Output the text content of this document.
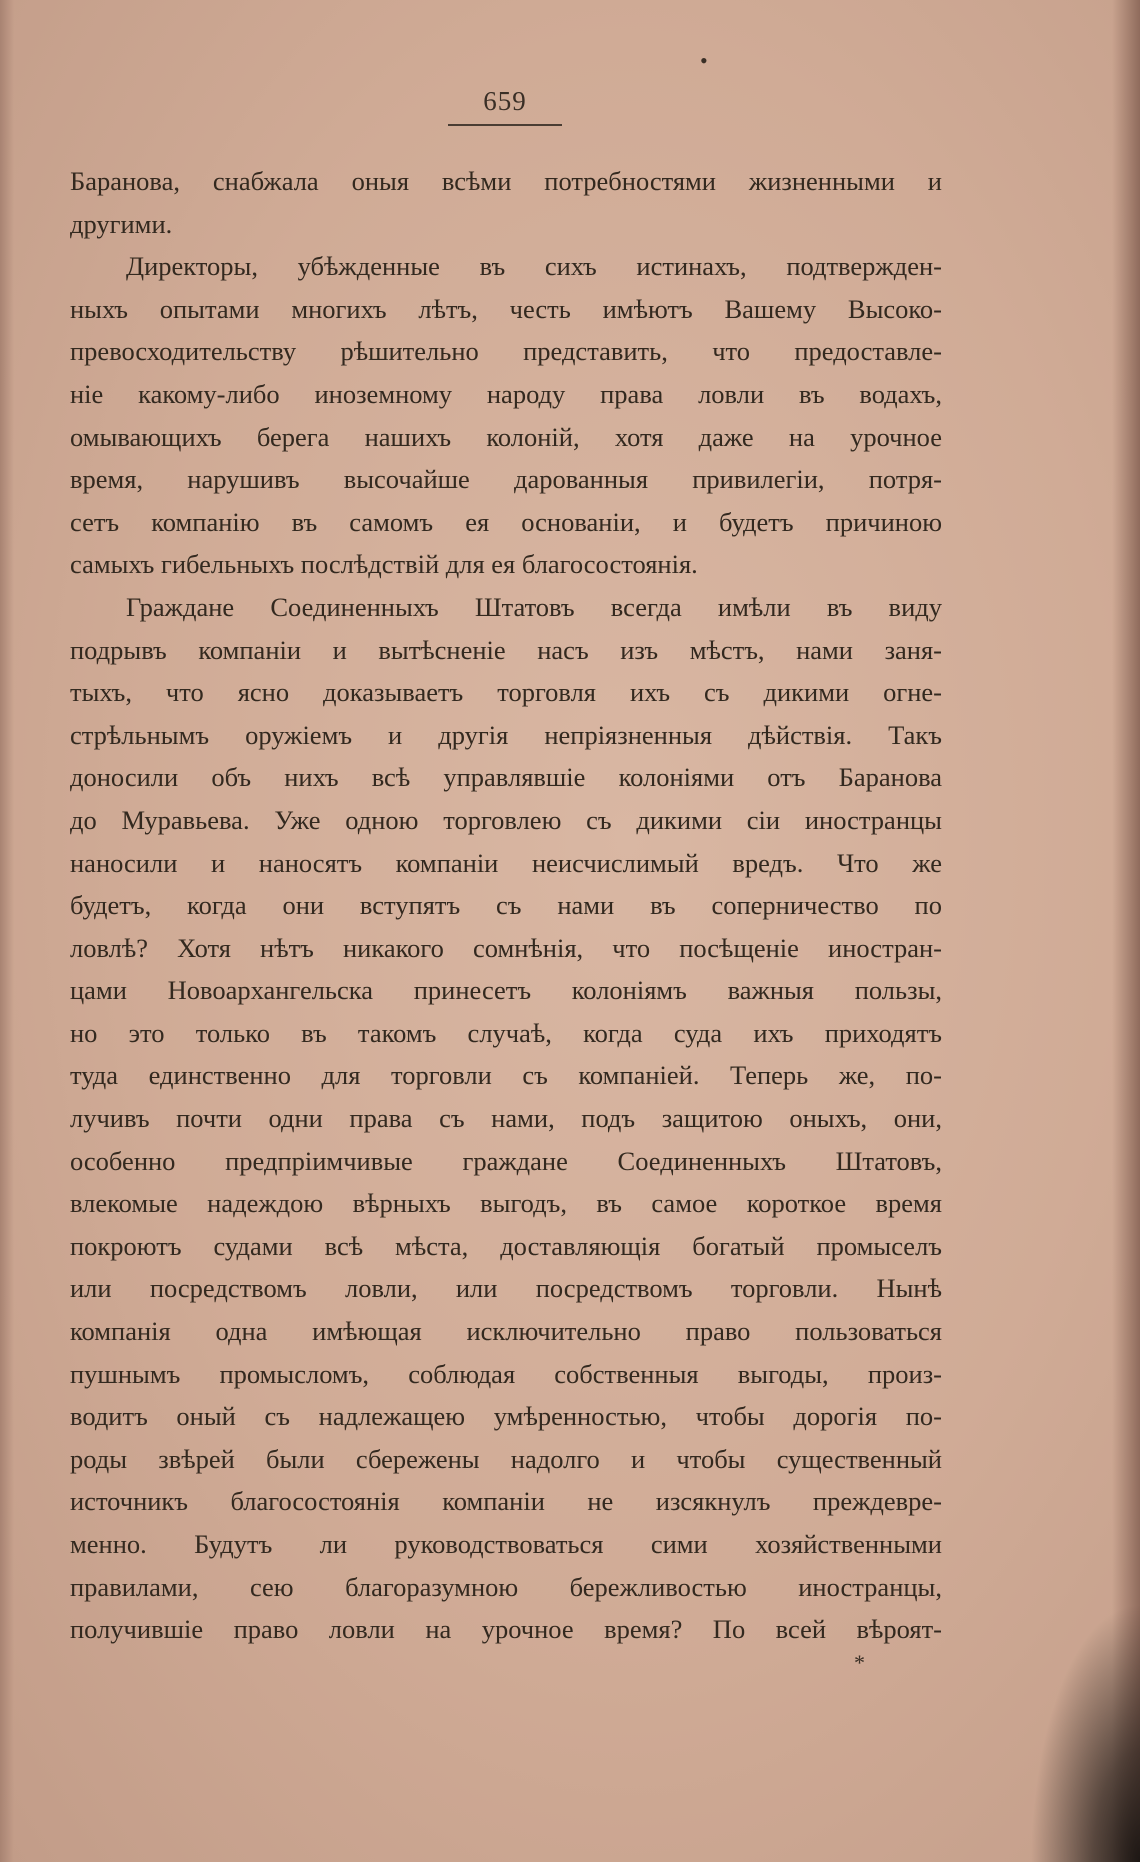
•
659
Баранова, снабжала оныя всѣми потребностями жизненными и
другими.
Директоры, убѣжденные въ сихъ истинахъ, подтвержден-
ныхъ опытами многихъ лѣтъ, честь имѣютъ Вашему Высоко-
превосходительству рѣшительно представить, что предоставле-
ніе какому-либо иноземному народу права ловли въ водахъ,
омывающихъ берега нашихъ колоній, хотя даже на урочное
время, нарушивъ высочайше дарованныя привилегіи, потря-
сетъ компанію въ самомъ ея основаніи, и будетъ причиною
самыхъ гибельныхъ послѣдствій для ея благосостоянія.
Граждане Соединенныхъ Штатовъ всегда имѣли въ виду
подрывъ компаніи и вытѣсненіе насъ изъ мѣстъ, нами заня-
тыхъ, что ясно доказываетъ торговля ихъ съ дикими огне-
стрѣльнымъ оружіемъ и другія непріязненныя дѣйствія. Такъ
доносили объ нихъ всѣ управлявшіе колоніями отъ Баранова
до Муравьева. Уже одною торговлею съ дикими сіи иностранцы
наносили и наносятъ компаніи неисчислимый вредъ. Что же
будетъ, когда они вступятъ съ нами въ соперничество по
ловлѣ? Хотя нѣтъ никакого сомнѣнія, что посѣщеніе иностран-
цами Новоархангельска принесетъ колоніямъ важныя пользы,
но это только въ такомъ случаѣ, когда суда ихъ приходятъ
туда единственно для торговли съ компаніей. Теперь же, по-
лучивъ почти одни права съ нами, подъ защитою оныхъ, они,
особенно предпріимчивые граждане Соединенныхъ Штатовъ,
влекомые надеждою вѣрныхъ выгодъ, въ самое короткое время
покроютъ судами всѣ мѣста, доставляющія богатый промыселъ
или посредствомъ ловли, или посредствомъ торговли. Нынѣ
компанія одна имѣющая исключительно право пользоваться
пушнымъ промысломъ, соблюдая собственныя выгоды, произ-
водитъ оный съ надлежащею умѣренностью, чтобы дорогія по-
роды звѣрей были сбережены надолго и чтобы существенный
источникъ благосостоянія компаніи не изсякнулъ преждевре-
менно. Будутъ ли руководствоваться сими хозяйственными
правилами, сею благоразумною бережливостью иностранцы,
получившіе право ловли на урочное время? По всей вѣроят-
*
